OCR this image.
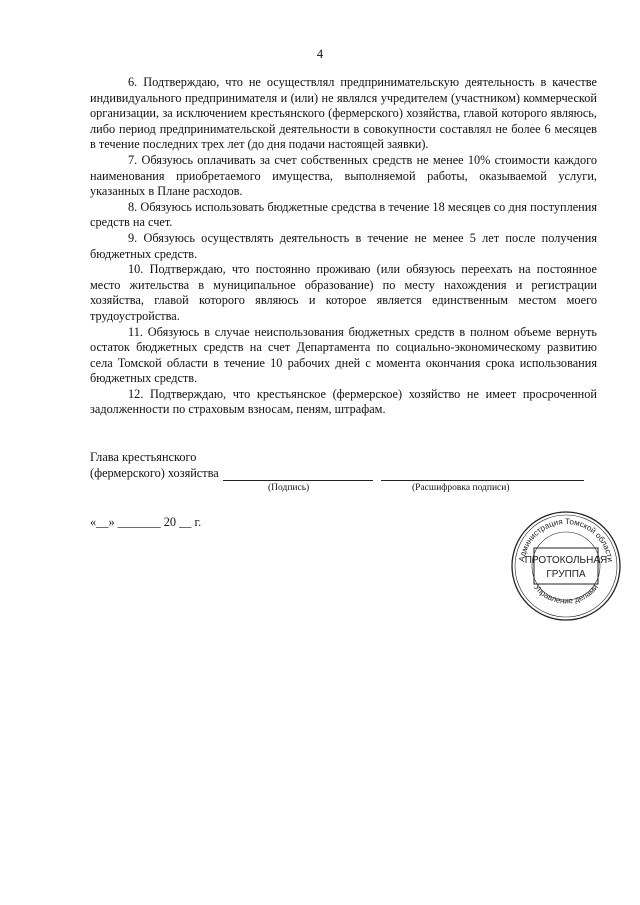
4

6. Подтверждаю, что не осуществлял предпринимательскую деятельность в качестве индивидуального предпринимателя и (или) не являлся учредителем (участником) коммерческой организации, за исключением крестьянского (фермерского) хозяйства, главой которого являюсь, либо период предпринимательской деятельности в совокупности составлял не более 6 месяцев в течение последних трех лет (до дня подачи настоящей заявки).

7. Обязуюсь оплачивать за счет собственных средств не менее 10% стоимости каждого наименования приобретаемого имущества, выполняемой работы, оказываемой услуги, указанных в Плане расходов.

8. Обязуюсь использовать бюджетные средства в течение 18 месяцев со дня поступления средств на счет.

9. Обязуюсь осуществлять деятельность в течение не менее 5 лет после получения бюджетных средств.

10. Подтверждаю, что постоянно проживаю (или обязуюсь переехать на постоянное место жительства в муниципальное образование) по месту нахождения и регистрации хозяйства, главой которого являюсь и которое является единственным местом моего трудоустройства.

11. Обязуюсь в случае неиспользования бюджетных средств в полном объеме вернуть остаток бюджетных средств на счет Департамента по социально-экономическому развитию села Томской области в течение 10 рабочих дней с момента окончания срока использования бюджетных средств.

12. Подтверждаю, что крестьянское (фермерское) хозяйство не имеет просроченной задолженности по страховым взносам, пеням, штрафам.

Глава крестьянского
(фермерского) хозяйства
(Подпись)	(Расшифровка подписи)
«__» _______ 20 __ г.
Администрация Томской области
Управление делами
ПРОТОКОЛЬНАЯ
ГРУППА
